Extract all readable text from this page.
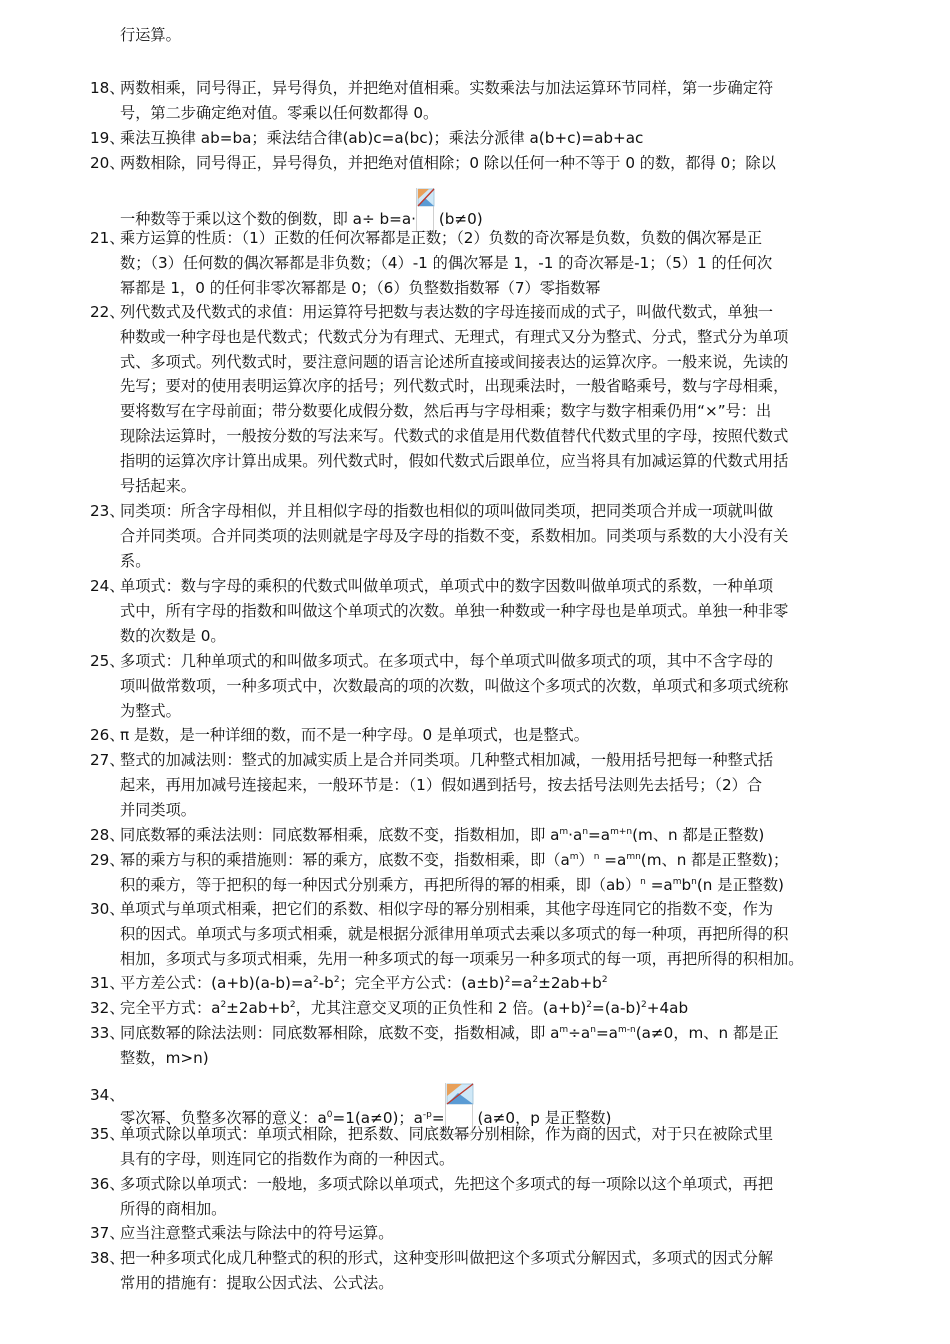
行运算。
18、
两数相乘，同号得正，异号得负，并把绝对值相乘。实数乘法与加法运算环节同样，第一步确定符
号，第二步确定绝对值。零乘以任何数都得 0。
19、
乘法互换律 ab=ba；乘法结合律(ab)c=a(bc)；乘法分派律 a(b+c)=ab+ac
20、
两数相除，同号得正，异号得负，并把绝对值相除；0 除以任何一种不等于 0 的数，都得 0；除以
一种数等于乘以这个数的倒数，即 a÷ b=a· (b≠0)
21、
乘方运算的性质：（1）正数的任何次幂都是正数；（2）负数的奇次幂是负数，负数的偶次幂是正
数；（3）任何数的偶次幂都是非负数；（4）-1 的偶次幂是 1，-1 的奇次幂是-1；（5）1 的任何次
幂都是 1，0 的任何非零次幂都是 0；（6）负整数指数幂（7）零指数幂
22、
列代数式及代数式的求值：用运算符号把数与表达数的字母连接而成的式子，叫做代数式，单独一
种数或一种字母也是代数式；代数式分为有理式、无理式，有理式又分为整式、分式，整式分为单项
式、多项式。列代数式时，要注意问题的语言论述所直接或间接表达的运算次序。一般来说，先读的
先写；要对的使用表明运算次序的括号；列代数式时，出现乘法时，一般省略乘号，数与字母相乘，
要将数写在字母前面；带分数要化成假分数，然后再与字母相乘；数字与数字相乘仍用“×”号：出
现除法运算时，一般按分数的写法来写。代数式的求值是用代数值替代代数式里的字母，按照代数式
指明的运算次序计算出成果。列代数式时，假如代数式后跟单位，应当将具有加减运算的代数式用括
号括起来。
23、
同类项：所含字母相似，并且相似字母的指数也相似的项叫做同类项，把同类项合并成一项就叫做
合并同类项。合并同类项的法则就是字母及字母的指数不变，系数相加。同类项与系数的大小没有关
系。
24、
单项式：数与字母的乘积的代数式叫做单项式，单项式中的数字因数叫做单项式的系数，一种单项
式中，所有字母的指数和叫做这个单项式的次数。单独一种数或一种字母也是单项式。单独一种非零
数的次数是 0。
25、
多项式：几种单项式的和叫做多项式。在多项式中，每个单项式叫做多项式的项，其中不含字母的
项叫做常数项，一种多项式中，次数最高的项的次数，叫做这个多项式的次数，单项式和多项式统称
为整式。
26、
π 是数，是一种详细的数，而不是一种字母。0 是单项式，也是整式。
27、
整式的加减法则：整式的加减实质上是合并同类项。几种整式相加减，一般用括号把每一种整式括
起来，再用加减号连接起来，一般环节是：（1）假如遇到括号，按去括号法则先去括号；（2）合
并同类项。
28、
同底数幂的乘法法则：同底数幂相乘，底数不变，指数相加，即 $a^m\cdot a^n=a^{m+n}(m$、n 都是正整数)
29、
幂的乘方与积的乘措施则：幂的乘方，底数不变，指数相乘，即$(a^m)^n =a^{mn}(m$、n 都是正整数)；
积的乘方，等于把积的每一种因式分别乘方，再把所得的幂的相乘，即$(ab)^n =a^mb^n(n$ 是正整数)
30、
单项式与单项式相乘，把它们的系数、相似字母的幂分别相乘，其他字母连同它的指数不变，作为
积的因式。单项式与多项式相乘，就是根据分派律用单项式去乘以多项式的每一种项，再把所得的积
相加，多项式与多项式相乘，先用一种多项式的每一项乘另一种多项式的每一项，再把所得的积相加。
31、
平方差公式：$(a+b)(a-b)=a^2-b^2$；完全平方公式：$(a\pm b)^2=a^2\pm 2ab+b^2$
32、
完全平方式：$a^2\pm 2ab+b^2$，尤其注意交叉项的正负性和 2 倍。$(a+b)^2=(a-b)^2+4ab$
33、
同底数幂的除法法则：同底数幂相除，底数不变，指数相减，即 $a^m\div a^n=a^{m-n}(a\ne 0$，m、n 都是正
整数，m>n)
34、
零次幂、负整多次幂的意义：$a^0=1(a\ne 0)$；$a^{-p}= (a\ne 0$，p 是正整数)
35、
单项式除以单项式：单项式相除，把系数、同底数幂分别相除，作为商的因式，对于只在被除式里
具有的字母，则连同它的指数作为商的一种因式。
36、
多项式除以单项式：一般地，多项式除以单项式，先把这个多项式的每一项除以这个单项式，再把
所得的商相加。
37、
应当注意整式乘法与除法中的符号运算。
38、
把一种多项式化成几种整式的积的形式，这种变形叫做把这个多项式分解因式，多项式的因式分解
常用的措施有：提取公因式法、公式法。
